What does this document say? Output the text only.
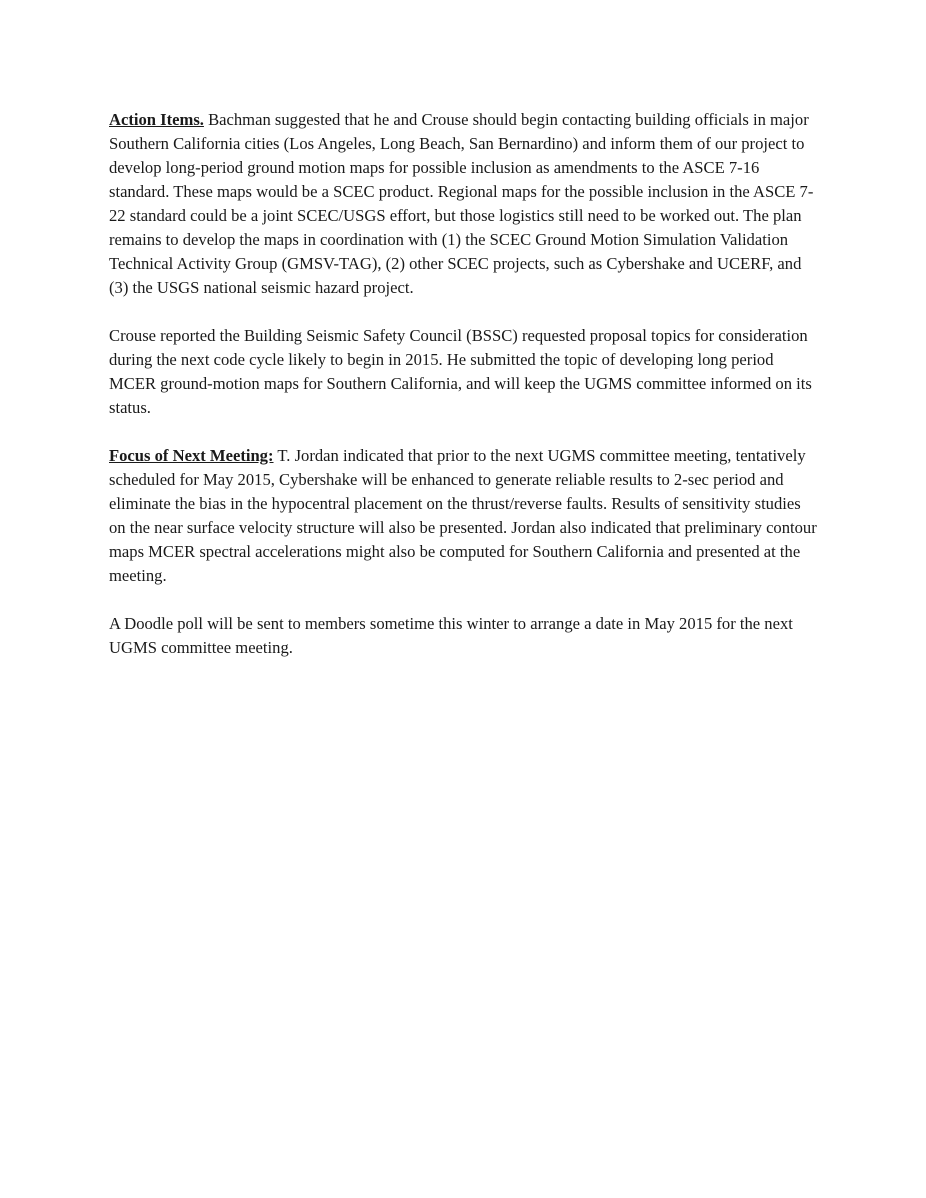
Action Items. Bachman suggested that he and Crouse should begin contacting building officials in major Southern California cities (Los Angeles, Long Beach, San Bernardino) and inform them of our project to develop long-period ground motion maps for possible inclusion as amendments to the ASCE 7-16 standard. These maps would be a SCEC product. Regional maps for the possible inclusion in the ASCE 7-22 standard could be a joint SCEC/USGS effort, but those logistics still need to be worked out. The plan remains to develop the maps in coordination with (1) the SCEC Ground Motion Simulation Validation Technical Activity Group (GMSV-TAG), (2) other SCEC projects, such as Cybershake and UCERF, and (3) the USGS national seismic hazard project.

Crouse reported the Building Seismic Safety Council (BSSC) requested proposal topics for consideration during the next code cycle likely to begin in 2015. He submitted the topic of developing long period MCER ground-motion maps for Southern California, and will keep the UGMS committee informed on its status.

Focus of Next Meeting: T. Jordan indicated that prior to the next UGMS committee meeting, tentatively scheduled for May 2015, Cybershake will be enhanced to generate reliable results to 2-sec period and eliminate the bias in the hypocentral placement on the thrust/reverse faults. Results of sensitivity studies on the near surface velocity structure will also be presented. Jordan also indicated that preliminary contour maps MCER spectral accelerations might also be computed for Southern California and presented at the meeting.

A Doodle poll will be sent to members sometime this winter to arrange a date in May 2015 for the next UGMS committee meeting.
